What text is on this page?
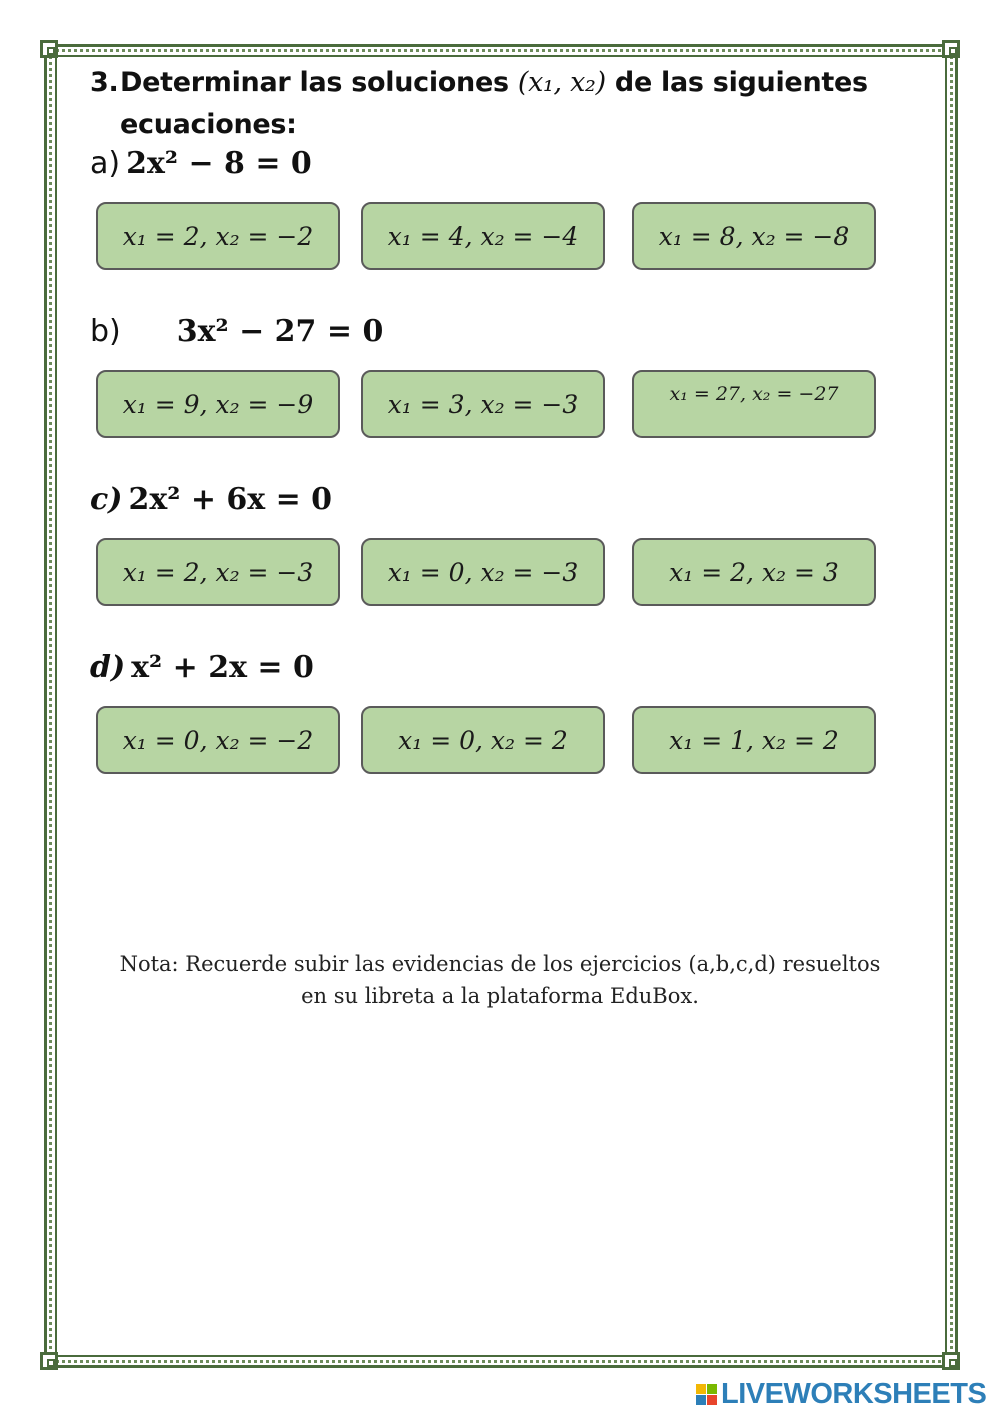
3.Determinar las soluciones (x₁, x₂) de las siguientes
ecuaciones:
a) 2x² − 8 = 0
x₁ = 2, x₂ = −2	x₁ = 4, x₂ = −4	x₁ = 8, x₂ = −8
b) 3x² − 27 = 0
x₁ = 9, x₂ = −9	x₁ = 3, x₂ = −3	x₁ = 27, x₂ = −27
c) 2x² + 6x = 0
x₁ = 2, x₂ = −3	x₁ = 0, x₂ = −3	x₁ = 2, x₂ = 3
d) x² + 2x = 0
x₁ = 0, x₂ = −2	x₁ = 0, x₂ = 2	x₁ = 1, x₂ = 2
Nota: Recuerde subir las evidencias de los ejercicios (a,b,c,d) resueltos
en su libreta a la plataforma EduBox.
LIVEWORKSHEETS
